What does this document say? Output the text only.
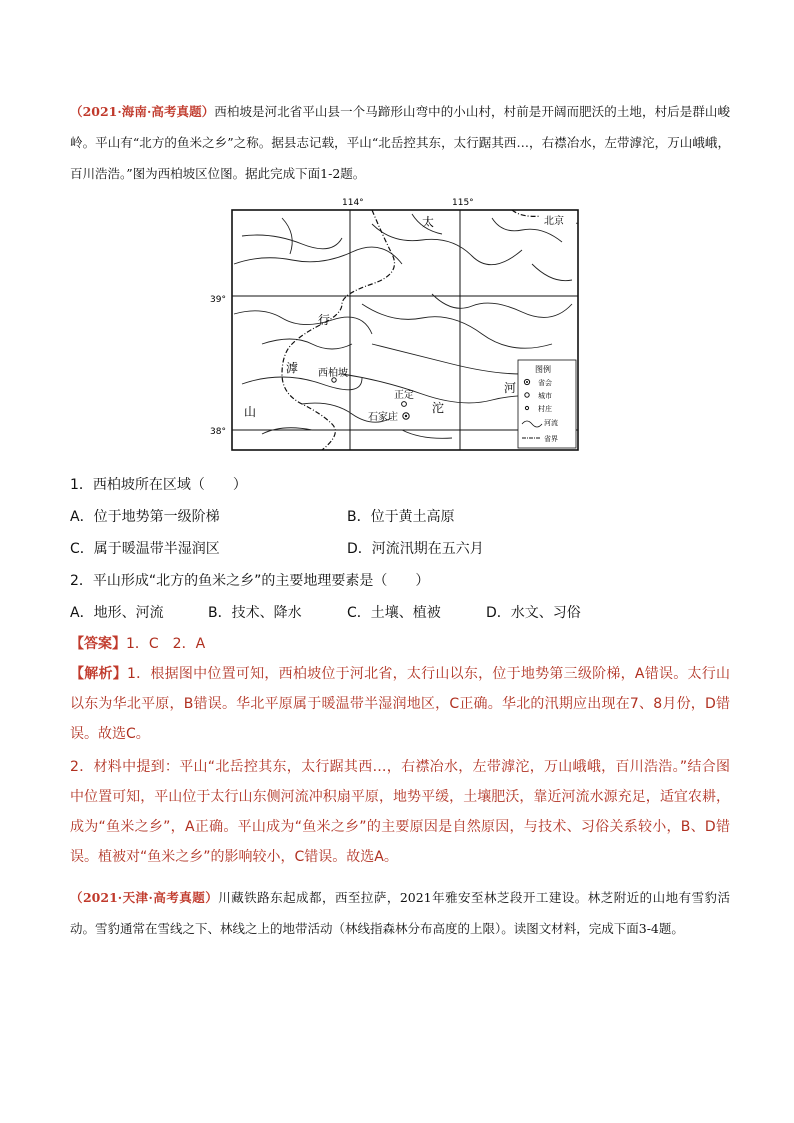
（2021·海南·高考真题）西柏坡是河北省平山县一个马蹄形山弯中的小山村，村前是开阔而肥沃的土地，村后是群山峻岭。平山有“北方的鱼米之乡”之称。据县志记载，平山“北岳控其东，太行踞其西…，右襟冶水，左带滹沱，万山峨峨，百川浩浩。”图为西柏坡区位图。据此完成下面1-2题。
114°	115°
39°
38°
太
行
山
滹
沱
河
北京
西柏坡
正定
石家庄
图例
省会
城市
村庄
河流
省界
1．西柏坡所在区域（　　）
A．位于地势第一级阶梯	B．位于黄土高原
C．属于暖温带半湿润区	D．河流汛期在五六月
2．平山形成“北方的鱼米之乡”的主要地理要素是（　　）
A．地形、河流	B．技术、降水	C．土壤、植被	D．水文、习俗
【答案】1．C　2．A
【解析】1．根据图中位置可知，西柏坡位于河北省，太行山以东，位于地势第三级阶梯，A错误。太行山以东为华北平原，B错误。华北平原属于暖温带半湿润地区，C正确。华北的汛期应出现在7、8月份，D错误。故选C。
2．材料中提到：平山“北岳控其东，太行踞其西…，右襟冶水，左带滹沱，万山峨峨，百川浩浩。”结合图中位置可知，平山位于太行山东侧河流冲积扇平原，地势平缓，土壤肥沃，靠近河流水源充足，适宜农耕，成为“鱼米之乡”，A正确。平山成为“鱼米之乡”的主要原因是自然原因，与技术、习俗关系较小，B、D错误。植被对“鱼米之乡”的影响较小，C错误。故选A。
（2021·天津·高考真题）川藏铁路东起成都，西至拉萨，2021年雅安至林芝段开工建设。林芝附近的山地有雪豹活动。雪豹通常在雪线之下、林线之上的地带活动（林线指森林分布高度的上限）。读图文材料，完成下面3-4题。
